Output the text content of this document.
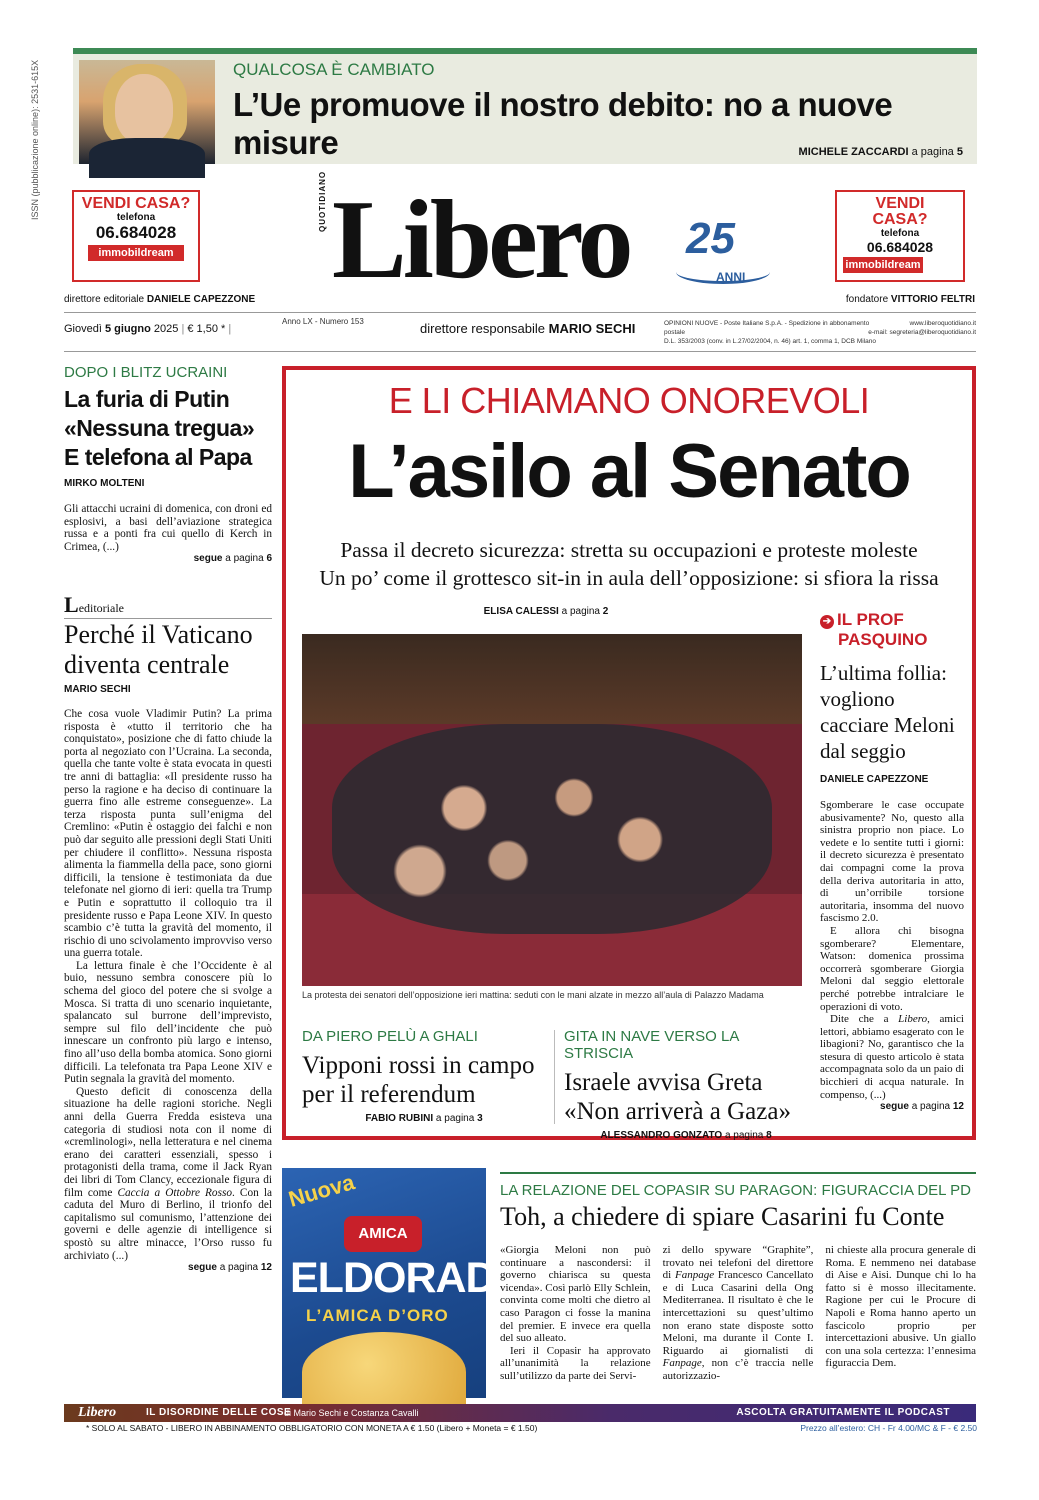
ISSN (pubblicazione online): 2531-615X	QUALCOSA È CAMBIATO
L’Ue promuove il nostro debito: no a nuove misure	MICHELE ZACCARDI a pagina 5
VENDI CASA?
telefona
06.684028
immobildream
VENDI
CASA?
telefona
06.684028
immobildream
QUOTIDIANO Libero 25
ANNI
direttore editoriale DANIELE CAPEZZONE	fondatore VITTORIO FELTRI
Giovedì 5 giugno 2025 | € 1,50 * |
Anno LX - Numero 153	direttore responsabile MARIO SECHI	OPINIONI NUOVE - Poste Italiane S.p.A. - Spedizione in abbonamento postale
D.L. 353/2003 (conv. in L.27/02/2004, n. 46) art. 1, comma 1, DCB Milano
www.liberoquotidiano.it
e-mail: segreteria@liberoquotidiano.it
DOPO I BLITZ UCRAINI
La furia di Putin
«Nessuna tregua»
E telefona al Papa
MIRKO MOLTENI
Gli attacchi ucraini di domenica, con droni ed esplosivi, a basi dell’aviazione strategica russa e a ponti fra cui quello di Kerch in Crimea, (...)
segue a pagina 6
Leditoriale
Perché il Vaticano diventa centrale
MARIO SECHI

Che cosa vuole Vladimir Putin? La prima risposta è «tutto il territorio che ha conquistato», posizione che di fatto chiude la porta al negoziato con l’Ucraina. La seconda, quella che tante volte è stata evocata in questi tre anni di battaglia: «Il presidente russo ha perso la ragione e ha deciso di continuare la guerra fino alle estreme conseguenze». La terza risposta punta sull’enigma del Cremlino: «Putin è ostaggio dei falchi e non può dar seguito alle pressioni degli Stati Uniti per chiudere il conflitto». Nessuna risposta alimenta la fiammella della pace, sono giorni difficili, la tensione è testimoniata da due telefonate nel giorno di ieri: quella tra Trump e Putin e soprattutto il colloquio tra il presidente russo e Papa Leone XIV. In questo scambio c’è tutta la gravità del momento, il rischio di uno scivolamento improvviso verso una guerra totale.

La lettura finale è che l’Occidente è al buio, nessuno sembra conoscere più lo schema del gioco del potere che si svolge a Mosca. Si tratta di uno scenario inquietante, spalancato sul burrone dell’imprevisto, sempre sul filo dell’incidente che può innescare un confronto più largo e intenso, fino all’uso della bomba atomica. Sono giorni difficili. La telefonata tra Papa Leone XIV e Putin segnala la gravità del momento.

Questo deficit di conoscenza della situazione ha delle ragioni storiche. Negli anni della Guerra Fredda esisteva una categoria di studiosi nota con il nome di «cremlinologi», nella letteratura e nel cinema erano dei caratteri essenziali, spesso i protagonisti della trama, come il Jack Ryan dei libri di Tom Clancy, eccezionale figura di film come Caccia a Ottobre Rosso. Con la caduta del Muro di Berlino, il trionfo del capitalismo sul comunismo, l’attenzione dei governi e delle agenzie di intelligence si spostò su altre minacce, l’Orso russo fu archiviato (...)

segue a pagina 12
E LI CHIAMANO ONOREVOLI
L’asilo al Senato
Passa il decreto sicurezza: stretta su occupazioni e proteste moleste
Un po’ come il grottesco sit-in in aula dell’opposizione: si sfiora la rissa
ELISA CALESSI a pagina 2
La protesta dei senatori dell’opposizione ieri mattina: seduti con le mani alzate in mezzo all’aula di Palazzo Madama
DA PIERO PELÙ A GHALI
Vipponi rossi in campo per il referendum
FABIO RUBINI a pagina 3
GITA IN NAVE VERSO LA STRISCIA
Israele avvisa Greta «Non arriverà a Gaza»
ALESSANDRO GONZATO a pagina 8
➔ IL PROF
PASQUINO
L’ultima follia: vogliono cacciare Meloni dal seggio
DANIELE CAPEZZONE

Sgomberare le case occupate abusivamente? No, questo alla sinistra proprio non piace. Lo vedete e lo sentite tutti i giorni: il decreto sicurezza è presentato dai compagni come la prova della deriva autoritaria in atto, di un’orribile torsione autoritaria, insomma del nuovo fascismo 2.0.

E allora chi bisogna sgomberare? Elementare, Watson: domenica prossima occorrerà sgomberare Giorgia Meloni dal seggio elettorale perché potrebbe intralciare le operazioni di voto.

Dite che a Libero, amici lettori, abbiamo esagerato con le libagioni? No, garantisco che la stesura di questo articolo è stata accompagnata solo da un paio di bicchieri di acqua naturale. In compenso, (...)

segue a pagina 12
Nuova
AMICA
ELDORADA
L’AMICA D’ORO
LA RELAZIONE DEL COPASIR SU PARAGON: FIGURACCIA DEL PD
Toh, a chiedere di spiare Casarini fu Conte

«Giorgia Meloni non può continuare a nascondersi: il governo chiarisca su questa vicenda». Così parlò Elly Schlein, convinta come molti che dietro al caso Paragon ci fosse la manina del premier. E invece era quella del suo alleato.

Ieri il Copasir ha approvato all’unanimità la relazione sull’utilizzo da parte dei Servi-

zi dello spyware “Graphite”, trovato nei telefoni del direttore di Fanpage Francesco Cancellato e di Luca Casarini della Ong Mediterranea. Il risultato è che le intercettazioni su quest’ultimo non erano state disposte sotto Meloni, ma durante il Conte I. Riguardo ai giornalisti di Fanpage, non c’è traccia nelle autorizzazio-

ni chieste alla procura generale di Roma. E nemmeno nei database di Aise e Aisi. Dunque chi lo ha fatto si è mosso illecitamente. Ragione per cui le Procure di Napoli e Roma hanno aperto un fascicolo proprio per intercettazioni abusive. Un giallo con una sola certezza: l’ennesima figuraccia Dem.

Libero	IL DISORDINE DELLE COSE
di Mario Sechi e Costanza Cavalli	ASCOLTA GRATUITAMENTE IL PODCAST
* SOLO AL SABATO - LIBERO IN ABBINAMENTO OBBLIGATORIO CON MONETA A € 1.50 (Libero + Moneta = € 1.50)	Prezzo all’estero: CH - Fr 4.00/MC & F - € 2.50
